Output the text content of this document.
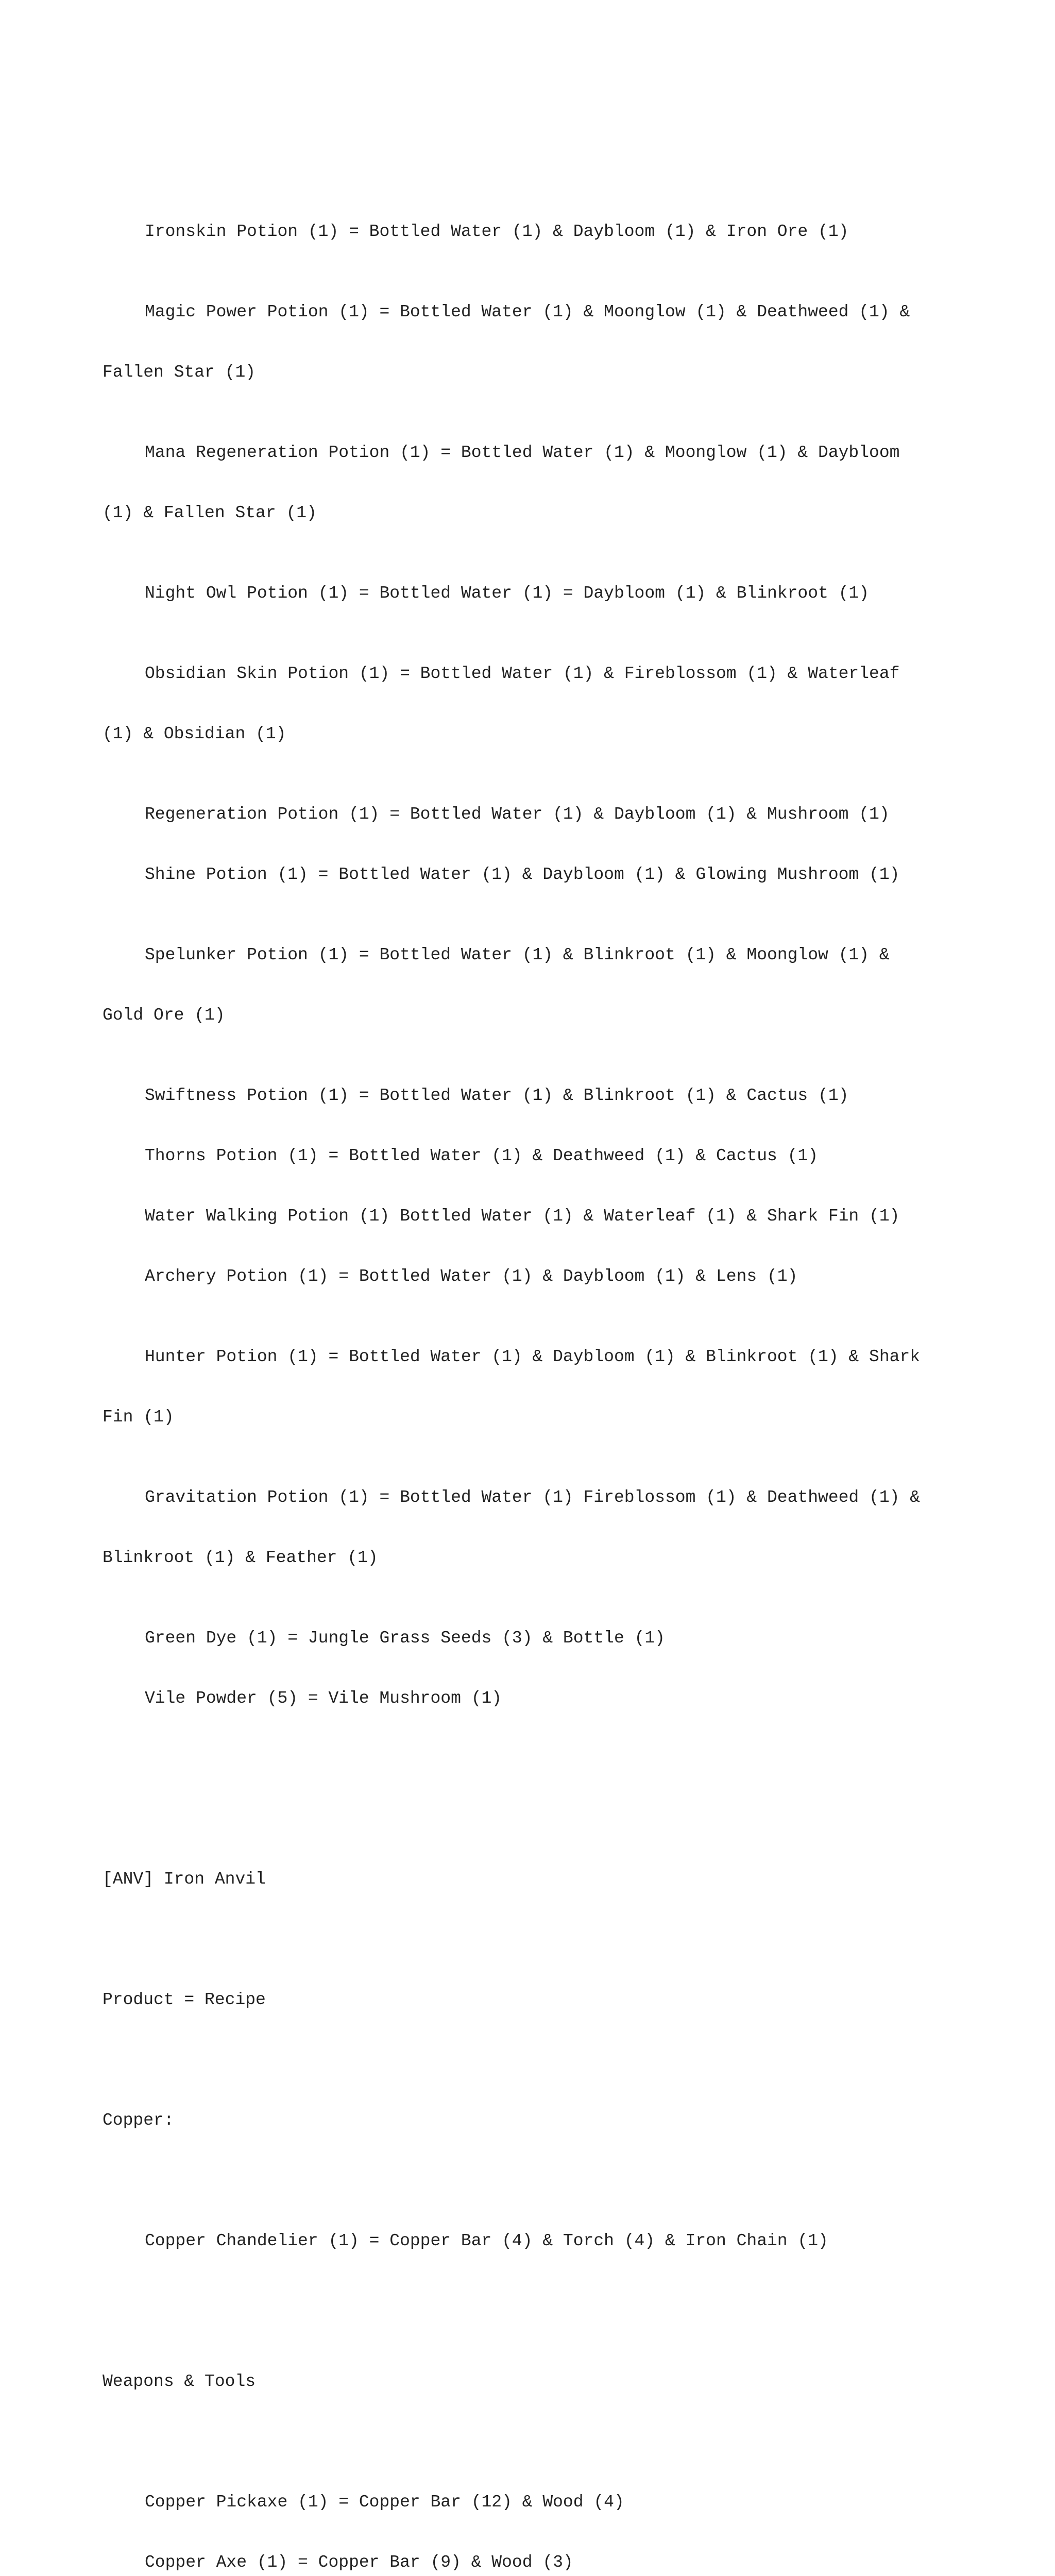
Ironskin Potion (1) = Bottled Water (1) & Daybloom (1) & Iron Ore (1)

Magic Power Potion (1) = Bottled Water (1) & Moonglow (1) & Deathweed (1) &

Fallen Star (1)

Mana Regeneration Potion (1) = Bottled Water (1) & Moonglow (1) & Daybloom

(1) & Fallen Star (1)

Night Owl Potion (1) = Bottled Water (1) = Daybloom (1) & Blinkroot (1)

Obsidian Skin Potion (1) = Bottled Water (1) & Fireblossom (1) & Waterleaf

(1) & Obsidian (1)

Regeneration Potion (1) = Bottled Water (1) & Daybloom (1) & Mushroom (1)

Shine Potion (1) = Bottled Water (1) & Daybloom (1) & Glowing Mushroom (1)

Spelunker Potion (1) = Bottled Water (1) & Blinkroot (1) & Moonglow (1) &

Gold Ore (1)

Swiftness Potion (1) = Bottled Water (1) & Blinkroot (1) & Cactus (1)

Thorns Potion (1) = Bottled Water (1) & Deathweed (1) & Cactus (1)

Water Walking Potion (1) Bottled Water (1) & Waterleaf (1) & Shark Fin (1)

Archery Potion (1) = Bottled Water (1) & Daybloom (1) & Lens (1)

Hunter Potion (1) = Bottled Water (1) & Daybloom (1) & Blinkroot (1) & Shark

Fin (1)

Gravitation Potion (1) = Bottled Water (1) Fireblossom (1) & Deathweed (1) &

Blinkroot (1) & Feather (1)

Green Dye (1) = Jungle Grass Seeds (3) & Bottle (1)

Vile Powder (5) = Vile Mushroom (1)

[ANV] Iron Anvil

Product = Recipe

Copper:

Copper Chandelier (1) = Copper Bar (4) & Torch (4) & Iron Chain (1)

Weapons & Tools

Copper Pickaxe (1) = Copper Bar (12) & Wood (4)

Copper Axe (1) = Copper Bar (9) & Wood (3)
